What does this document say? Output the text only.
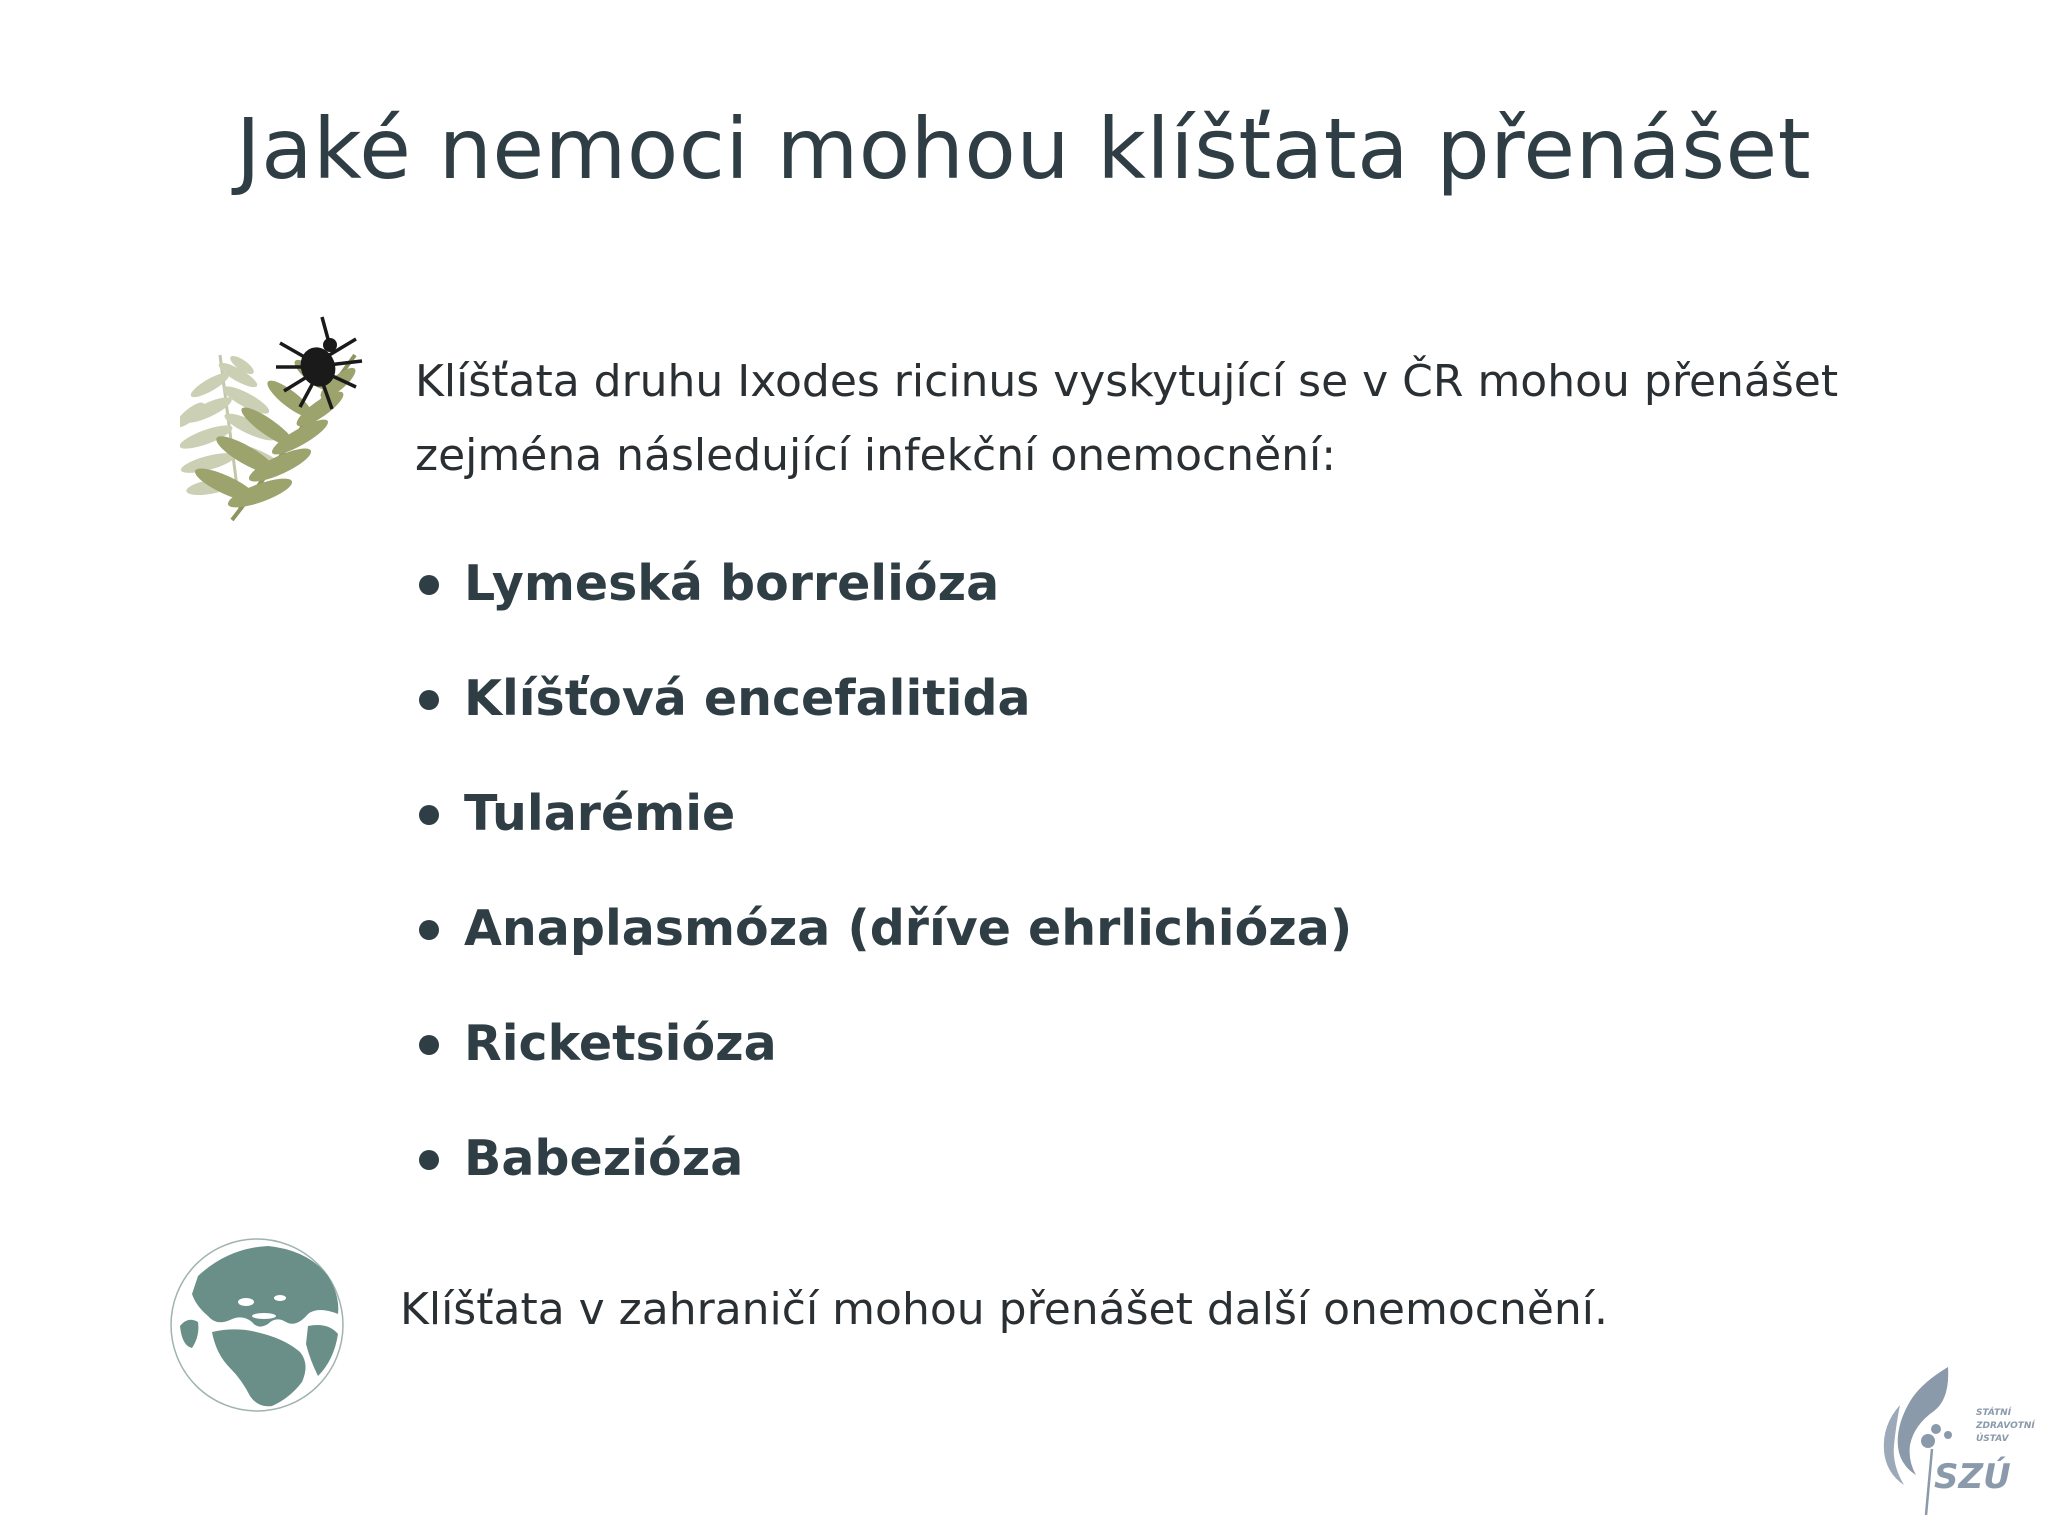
Jaké nemoci mohou klíšťata přenášet

Klíšťata druhu Ixodes ricinus vyskytující se v ČR mohou přenášet zejména následující infekční onemocnění:

Lymeská borrelióza
Klíšťová encefalitida
Tularémie
Anaplasmóza (dříve ehrlichióza)
Ricketsióza
Babezióza

Klíšťata v zahraničí mohou přenášet další onemocnění.

STÁTNÍ
ZDRAVOTNÍ
ÚSTAV
SZÚ
